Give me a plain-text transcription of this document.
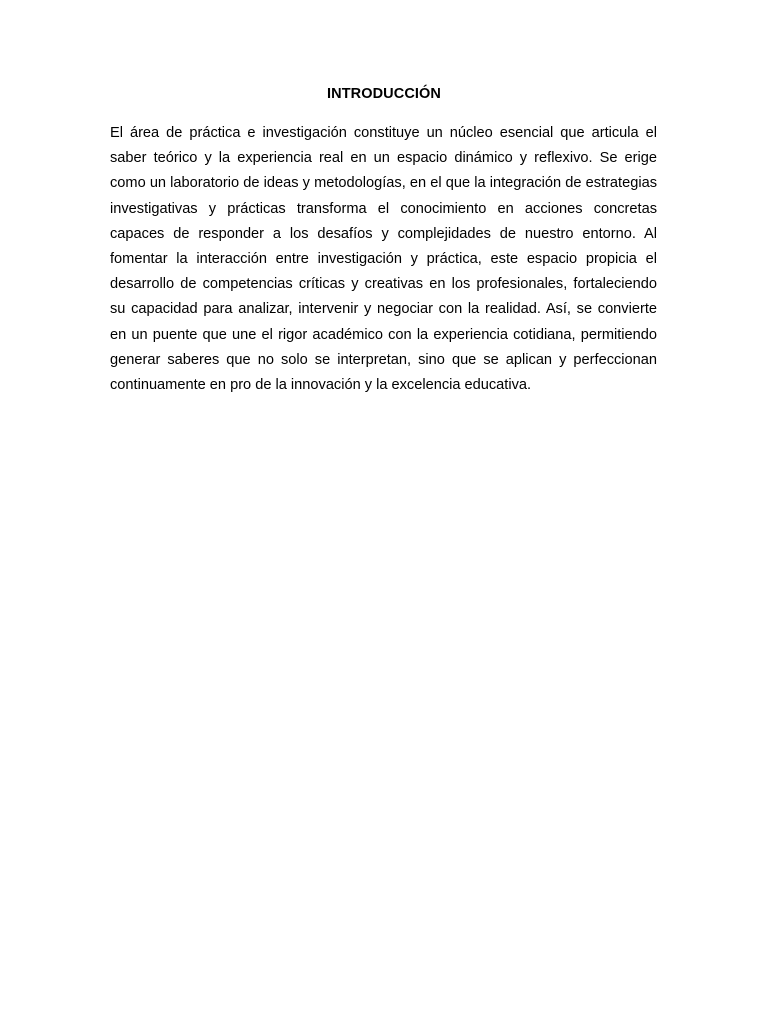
INTRODUCCIÓN

El área de práctica e investigación constituye un núcleo esencial que articula el saber teórico y la experiencia real en un espacio dinámico y reflexivo. Se erige como un laboratorio de ideas y metodologías, en el que la integración de estrategias investigativas y prácticas transforma el conocimiento en acciones concretas capaces de responder a los desafíos y complejidades de nuestro entorno. Al fomentar la interacción entre investigación y práctica, este espacio propicia el desarrollo de competencias críticas y creativas en los profesionales, fortaleciendo su capacidad para analizar, intervenir y negociar con la realidad. Así, se convierte en un puente que une el rigor académico con la experiencia cotidiana, permitiendo generar saberes que no solo se interpretan, sino que se aplican y perfeccionan continuamente en pro de la innovación y la excelencia educativa.
